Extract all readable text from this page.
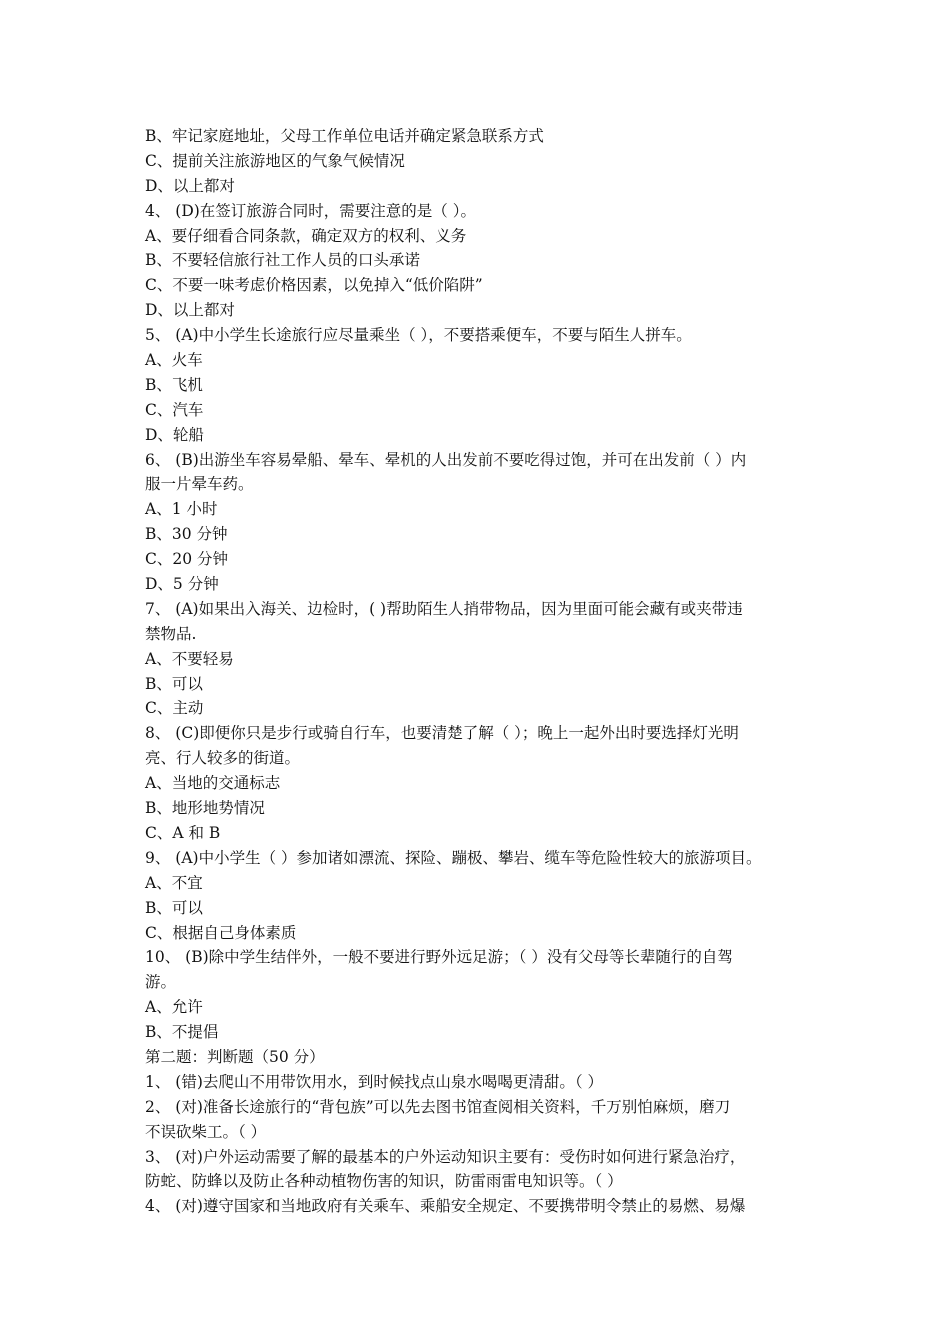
B、牢记家庭地址，父母工作单位电话并确定紧急联系方式
C、提前关注旅游地区的气象气候情况
D、以上都对
4、 (D)在签订旅游合同时，需要注意的是（ ）。
A、要仔细看合同条款，确定双方的权利、义务
B、不要轻信旅行社工作人员的口头承诺
C、不要一味考虑价格因素，以免掉入“低价陷阱”
D、以上都对
5、 (A)中小学生长途旅行应尽量乘坐（ ），不要搭乘便车，不要与陌生人拼车。
A、火车
B、飞机
C、汽车
D、轮船
6、 (B)出游坐车容易晕船、晕车、晕机的人出发前不要吃得过饱，并可在出发前（ ）内
服一片晕车药。
A、1 小时
B、30 分钟
C、20 分钟
D、5 分钟
7、 (A)如果出入海关、边检时，( )帮助陌生人捎带物品，因为里面可能会藏有或夹带违
禁物品.
A、不要轻易
B、可以
C、主动
8、 (C)即便你只是步行或骑自行车，也要清楚了解（ ）；晚上一起外出时要选择灯光明
亮、行人较多的街道。
A、当地的交通标志
B、地形地势情况
C、A 和 B
9、 (A)中小学生（ ）参加诸如漂流、探险、蹦极、攀岩、缆车等危险性较大的旅游项目。
A、不宜
B、可以
C、根据自己身体素质
10、 (B)除中学生结伴外，一般不要进行野外远足游；（ ）没有父母等长辈随行的自驾
游。
A、允许
B、不提倡
第二题：判断题（50 分）
1、 (错)去爬山不用带饮用水，到时候找点山泉水喝喝更清甜。（ ）
2、 (对)准备长途旅行的“背包族”可以先去图书馆查阅相关资料，千万别怕麻烦，磨刀
不误砍柴工。（ ）
3、 (对)户外运动需要了解的最基本的户外运动知识主要有：受伤时如何进行紧急治疗，
防蛇、防蜂以及防止各种动植物伤害的知识，防雷雨雷电知识等。（ ）
4、 (对)遵守国家和当地政府有关乘车、乘船安全规定、不要携带明令禁止的易燃、易爆
